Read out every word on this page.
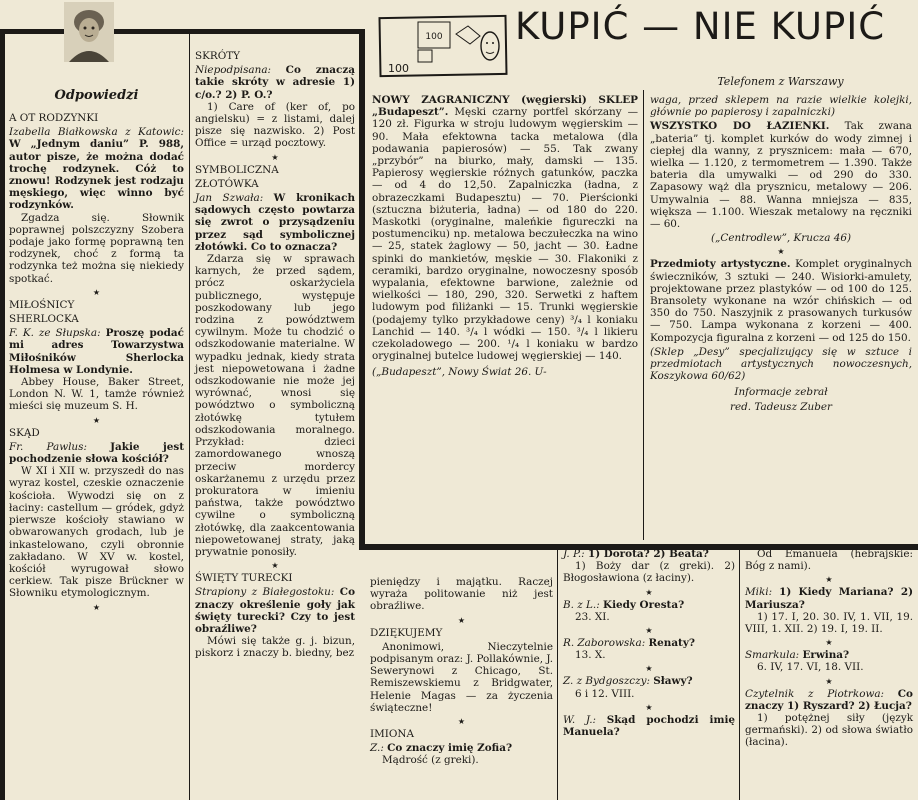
100
100
KUPIĆ — NIE KUPIĆ

Odpowiedzi

A OT RODZYNKI

Izabella Białkowska z Katowic: W „Jednym daniu” P. 988, autor pisze, że można dodać trochę rodzynek. Cóż to znowu! Rodzynek jest rodzaju męskiego, więc winno być rodzynków.

Zgadza się. Słownik poprawnej polszczyzny Szobera podaje jako formę poprawną ten rodzynek, choć z formą ta rodzynka też można się niekiedy spotkać.

★

MIŁOŚNICY

SHERLOCKA

F. K. ze Słupska: Proszę podać mi adres Towarzystwa Miłośników Sherlocka Holmesa w Londynie.

Abbey House, Baker Street, London N. W. 1, tamże również mieści się muzeum S. H.

★

SKĄD

Fr. Pawlus: Jakie jest pochodzenie słowa kościół?

W XI i XII w. przyszedł do nas wyraz kostel, czeskie oznaczenie kościoła. Wywodzi się on z łaciny: castellum — gródek, gdyż pierwsze kościoły stawiano w obwarowanych grodach, lub je inkastelowano, czyli obronnie zakładano. W XV w. kostel, kościół wyrugował słowo cerkiew. Tak pisze Brückner w Słowniku etymologicznym.

★

SKRÓTY

Niepodpisana: Co znaczą takie skróty w adresie 1) c/o.? 2) P. O.?

1) Care of (ker of, po angielsku) = z listami, dalej pisze się nazwisko. 2) Post Office = urząd pocztowy.

★

SYMBOLICZNA

ZŁOTÓWKA

Jan Szwała: W kronikach sądowych często powtarza się zwrot o przysądzeniu przez sąd symbolicznej złotówki. Co to oznacza?

Zdarza się w sprawach karnych, że przed sądem, prócz oskarżyciela publicznego, występuje poszkodowany lub jego rodzina z powództwem cywilnym. Może tu chodzić o odszkodowanie materialne. W wypadku jednak, kiedy strata jest niepowetowana i żadne odszkodowanie nie może jej wyrównać, wnosi się powództwo o symboliczną złotówkę tytułem odszkodowania moralnego. Przykład: dzieci zamordowanego wnoszą przeciw mordercy oskarżanemu z urzędu przez prokuratora w imieniu państwa, także powództwo cywilne o symboliczną złotówkę, dla zaakcentowania niepowetowanej straty, jaką prywatnie ponosiły.

★

ŚWIĘTY TURECKI

Strapiony z Białegostoku: Co znaczy określenie goły jak święty turecki? Czy to jest obraźliwe?

Mówi się także g. j. bizun, piskorz i znaczy b. biedny, bez

Telefonem z Warszawy

NOWY ZAGRANICZNY (węgierski) SKLEP „Budapeszt”. Męski czarny portfel skórzany — 120 zł. Figurka w stroju ludowym węgierskim — 90. Mała efektowna tacka metalowa (dla podawania papierosów) — 55. Tak zwany „przybór” na biurko, mały, damski — 135. Papierosy węgierskie różnych gatunków, paczka — od 4 do 12,50. Zapalniczka (ładna, z obrazeczkami Budapesztu) — 70. Pierścionki (sztuczna biżuteria, ładna) — od 180 do 220. Maskotki (oryginalne, maleńkie figureczki na postumenciku) np. metalowa beczułeczka na wino — 25, statek żaglowy — 50, jacht — 30. Ładne spinki do mankietów, męskie — 30. Flakoniki z ceramiki, bardzo oryginalne, nowoczesny sposób wypalania, efektowne barwione, zależnie od wielkości — 180, 290, 320. Serwetki z haftem ludowym pod filiżanki — 15. Trunki węgierskie (podajemy tylko przykładowe ceny) ³/₄ l koniaku Lanchid — 140. ³/₄ l wódki — 150. ³/₄ l likieru czekoladowego — 200. ¹/₄ l koniaku w bardzo oryginalnej butelce ludowej węgierskiej — 140.

(„Budapeszt”, Nowy Świat 26. U-

waga, przed sklepem na razie wielkie kolejki, głównie po papierosy i zapalniczki)

WSZYSTKO DO ŁAZIENKI. Tak zwana „bateria” tj. komplet kurków do wody zimnej i ciepłej dla wanny, z prysznicem: mała — 670, wielka — 1.120, z termometrem — 1.390. Także bateria dla umywalki — od 290 do 330. Zapasowy wąż dla prysznicu, metalowy — 206. Umywalnia — 88. Wanna mniejsza — 835, większa — 1.100. Wieszak metalowy na ręczniki — 60.

(„Centrodlew”, Krucza 46)

★

Przedmioty artystyczne. Komplet oryginalnych świeczników, 3 sztuki — 240. Wisiorki-amulety, projektowane przez plastyków — od 100 do 125. Bransolety wykonane na wzór chińskich — od 350 do 750. Naszyjnik z prasowanych turkusów — 750. Lampa wykonana z korzeni — 400. Kompozycja figuralna z korzeni — od 125 do 150.

(Sklep „Desy” specjalizujący się w sztuce i przedmiotach artystycznych nowoczesnych, Koszykowa 60/62)

Informacje zebrał

red. Tadeusz Zuber

pieniędzy i majątku. Raczej wyraża politowanie niż jest obraźliwe.

★

DZIĘKUJEMY

Anonimowi, Nieczytelnie podpisanym oraz: J. Pollakównie, J. Sewerynowi z Chicago, St. Remiszewskiemu z Bridgwater, Helenie Magas — za życzenia świąteczne!

★

IMIONA

Z.: Co znaczy imię Zofia?

Mądrość (z greki).

J. P.: 1) Dorota? 2) Beata?

1) Boży dar (z greki). 2) Błogosławiona (z łaciny).

★

B. z L.: Kiedy Oresta?

23. XI.

★

R. Zaborowska: Renaty?

13. X.

★

Z. z Bydgoszczy: Sławy?

6 i 12. VIII.

★

W. J.: Skąd pochodzi imię Manuela?

Od Emanuela (hebrajskie: Bóg z nami).

★

Miki: 1) Kiedy Mariana? 2) Mariusza?

1) 17. I, 20. 30. IV, 1. VII, 19. VIII, 1. XII. 2) 19. I, 19. II.

★

Smarkula: Erwina?

6. IV, 17. VI, 18. VII.

★

Czytelnik z Piotrkowa: Co znaczy 1) Ryszard? 2) Łucja?

1) potężnej siły (język germański). 2) od słowa światło (łacina).
